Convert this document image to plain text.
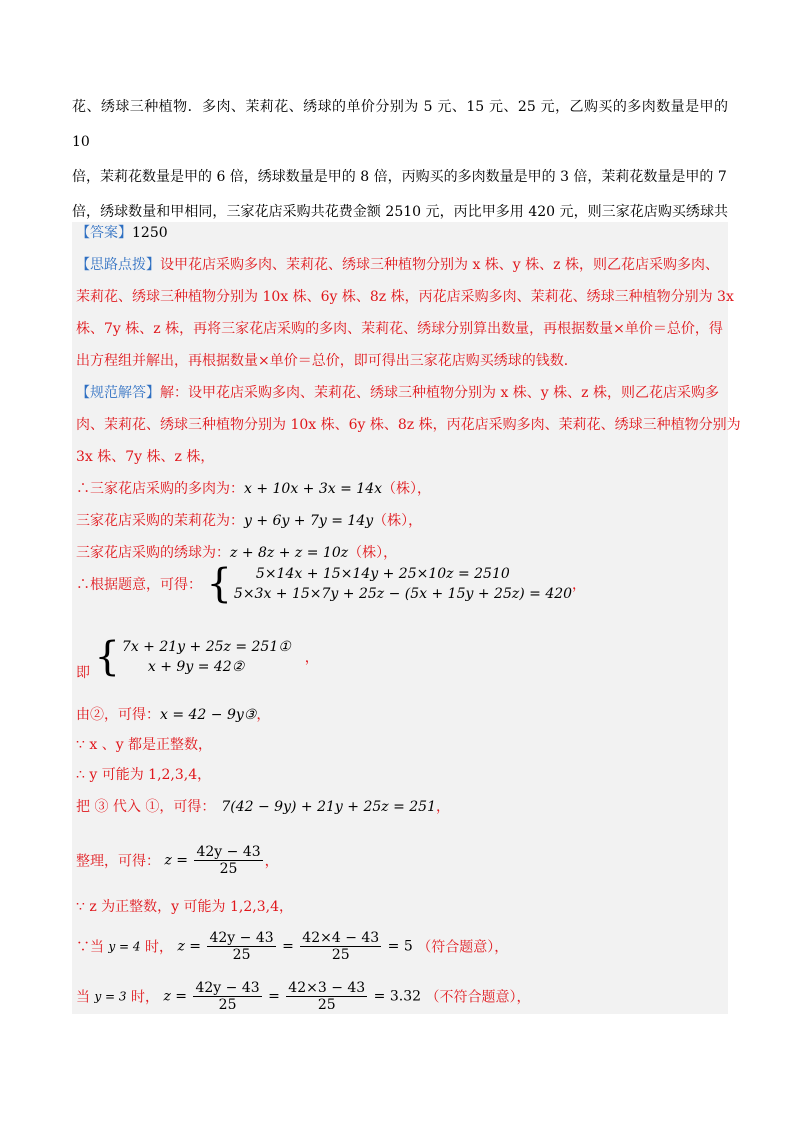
花、绣球三种植物．多肉、茉莉花、绣球的单价分别为 5 元、15 元、25 元，乙购买的多肉数量是甲的 10

倍，茉莉花数量是甲的 6 倍，绣球数量是甲的 8 倍，丙购买的多肉数量是甲的 3 倍，茉莉花数量是甲的 7

倍，绣球数量和甲相同，三家花店采购共花费金额 2510 元，丙比甲多用 420 元，则三家花店购买绣球共

【答案】1250
【思路点拨】设甲花店采购多肉、茉莉花、绣球三种植物分别为 x 株、y 株、z 株，则乙花店采购多肉、
茉莉花、绣球三种植物分别为 10x 株、6y 株、8z 株，丙花店采购多肉、茉莉花、绣球三种植物分别为 3x
株、7y 株、z 株，再将三家花店采购的多肉、茉莉花、绣球分别算出数量，再根据数量×单价＝总价，得
出方程组并解出，再根据数量×单价＝总价，即可得出三家花店购买绣球的钱数．
【规范解答】解：设甲花店采购多肉、茉莉花、绣球三种植物分别为 x 株、y 株、z 株，则乙花店采购多
肉、茉莉花、绣球三种植物分别为 10x 株、6y 株、8z 株，丙花店采购多肉、茉莉花、绣球三种植物分别为
3x 株、7y 株、z 株，
∴三家花店采购的多肉为：x + 10x + 3x = 14x（株），
三家花店采购的茉莉花为：y + 6y + 7y = 14y（株），
三家花店采购的绣球为：z + 8z + z = 10z（株），
∴根据题意，可得： {	5×14x + 15×14y + 25×10z = 2510
5×3x + 15×7y + 25z − (5x + 15y + 25z) = 420
，
即 { 7x + 21y + 25z = 251①
x + 9y = 42②
，
由②，可得：x = 42 − 9y③，
∵ x 、y 都是正整数，
∴ y 可能为 1,2,3,4，
把 ③ 代入 ①，可得： 7(42 − 9y) + 21y + 25z = 251，
整理，可得： $z = \frac{42y - 43}{25}$ ，
∵ z 为正整数，y 可能为 1,2,3,4，
∵当 y = 4 时， $z = \frac{42y - 43}{25} = \frac{42\times 4 - 43}{25} = 5$ （符合题意），
当 y = 3 时， $z = \frac{42y - 43}{25} = \frac{42\times 3 - 43}{25} = 3.32$ （不符合题意），
